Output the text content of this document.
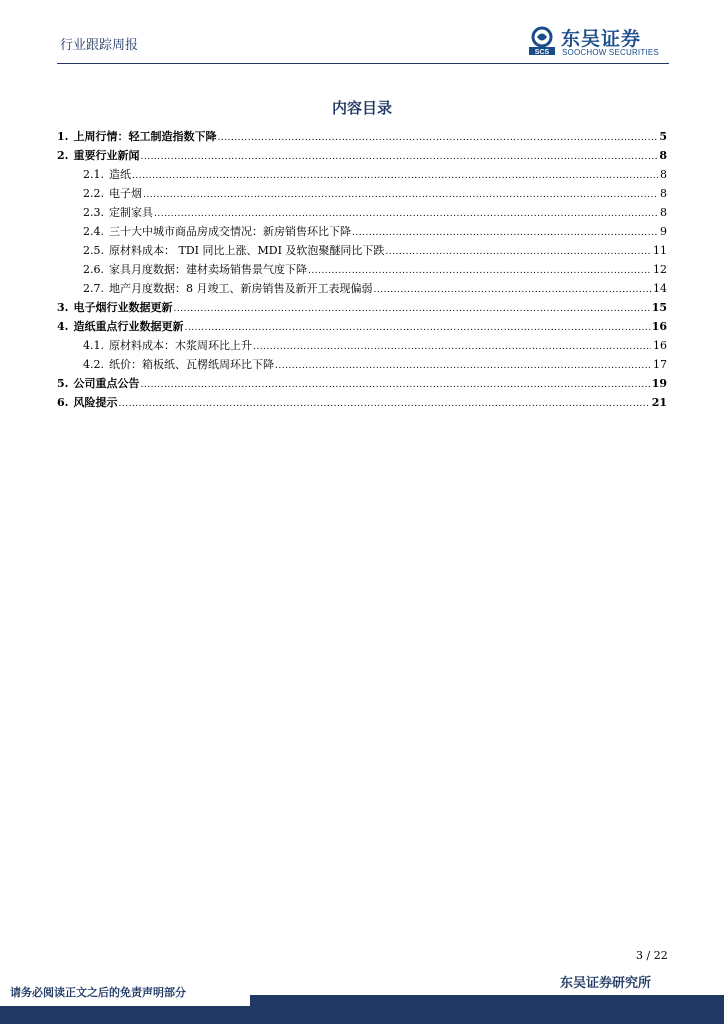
行业跟踪周报	SCS
东吴证券
SOOCHOW SECURITIES
内容目录
1. 上周行情：轻工制造指数下降 .....	5
2. 重要行业新闻 .....	8
2.1. 造纸 .....	8
2.2. 电子烟 .....	8
2.3. 定制家具 .....	8
2.4. 三十大中城市商品房成交情况：新房销售环比下降 .....	9
2.5. 原材料成本： TDI 同比上涨、MDI 及软泡聚醚同比下跌 .....	11
2.6. 家具月度数据：建材卖场销售景气度下降 .....	12
2.7. 地产月度数据：8 月竣工、新房销售及新开工表现偏弱 .....	14
3. 电子烟行业数据更新 .....	15
4. 造纸重点行业数据更新 .....	16
4.1. 原材料成本：木浆周环比上升 .....	16
4.2. 纸价：箱板纸、瓦楞纸周环比下降 .....	17
5. 公司重点公告 .....	19
6. 风险提示 .....	21
3 / 22
东吴证券研究所
请务必阅读正文之后的免责声明部分
